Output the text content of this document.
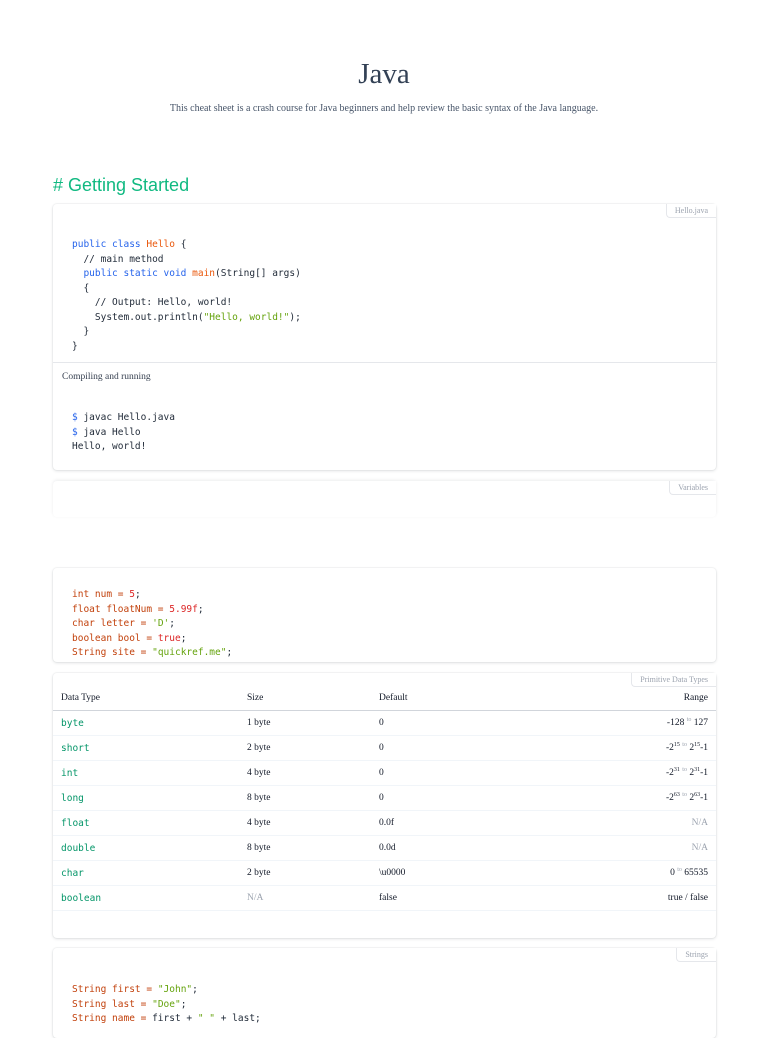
Java

This cheat sheet is a crash course for Java beginners and help review the basic syntax of the Java language.

# Getting Started
Hello.java
public class Hello {
// main method
public static void main(String[] args)
{
// Output: Hello, world!
System.out.println("Hello, world!");
}
}
Compiling and running
$ javac Hello.java
$ java Hello
Hello, world!
Variables
int num = 5;
float floatNum = 5.99f;
char letter = 'D';
boolean bool = true;
String site = "quickref.me";
Primitive Data Types
Data Type	Size	Default	Range
byte	1 byte	0	-128 $^{to}$ 127
short	2 byte	0	$-2^{15}$ $^{to}$ $2^{15}-1$
int	4 byte	0	$-2^{31}$ $^{to}$ $2^{31}-1$
long	8 byte	0	$-2^{63}$ $^{to}$ $2^{63}-1$
float	4 byte	0.0f	N/A
double	8 byte	0.0d	N/A
char	2 byte	\u0000	0 $^{to}$ 65535
boolean	N/A	false	true / false
Strings
String first = "John";
String last = "Doe";
String name = first + " " + last;
